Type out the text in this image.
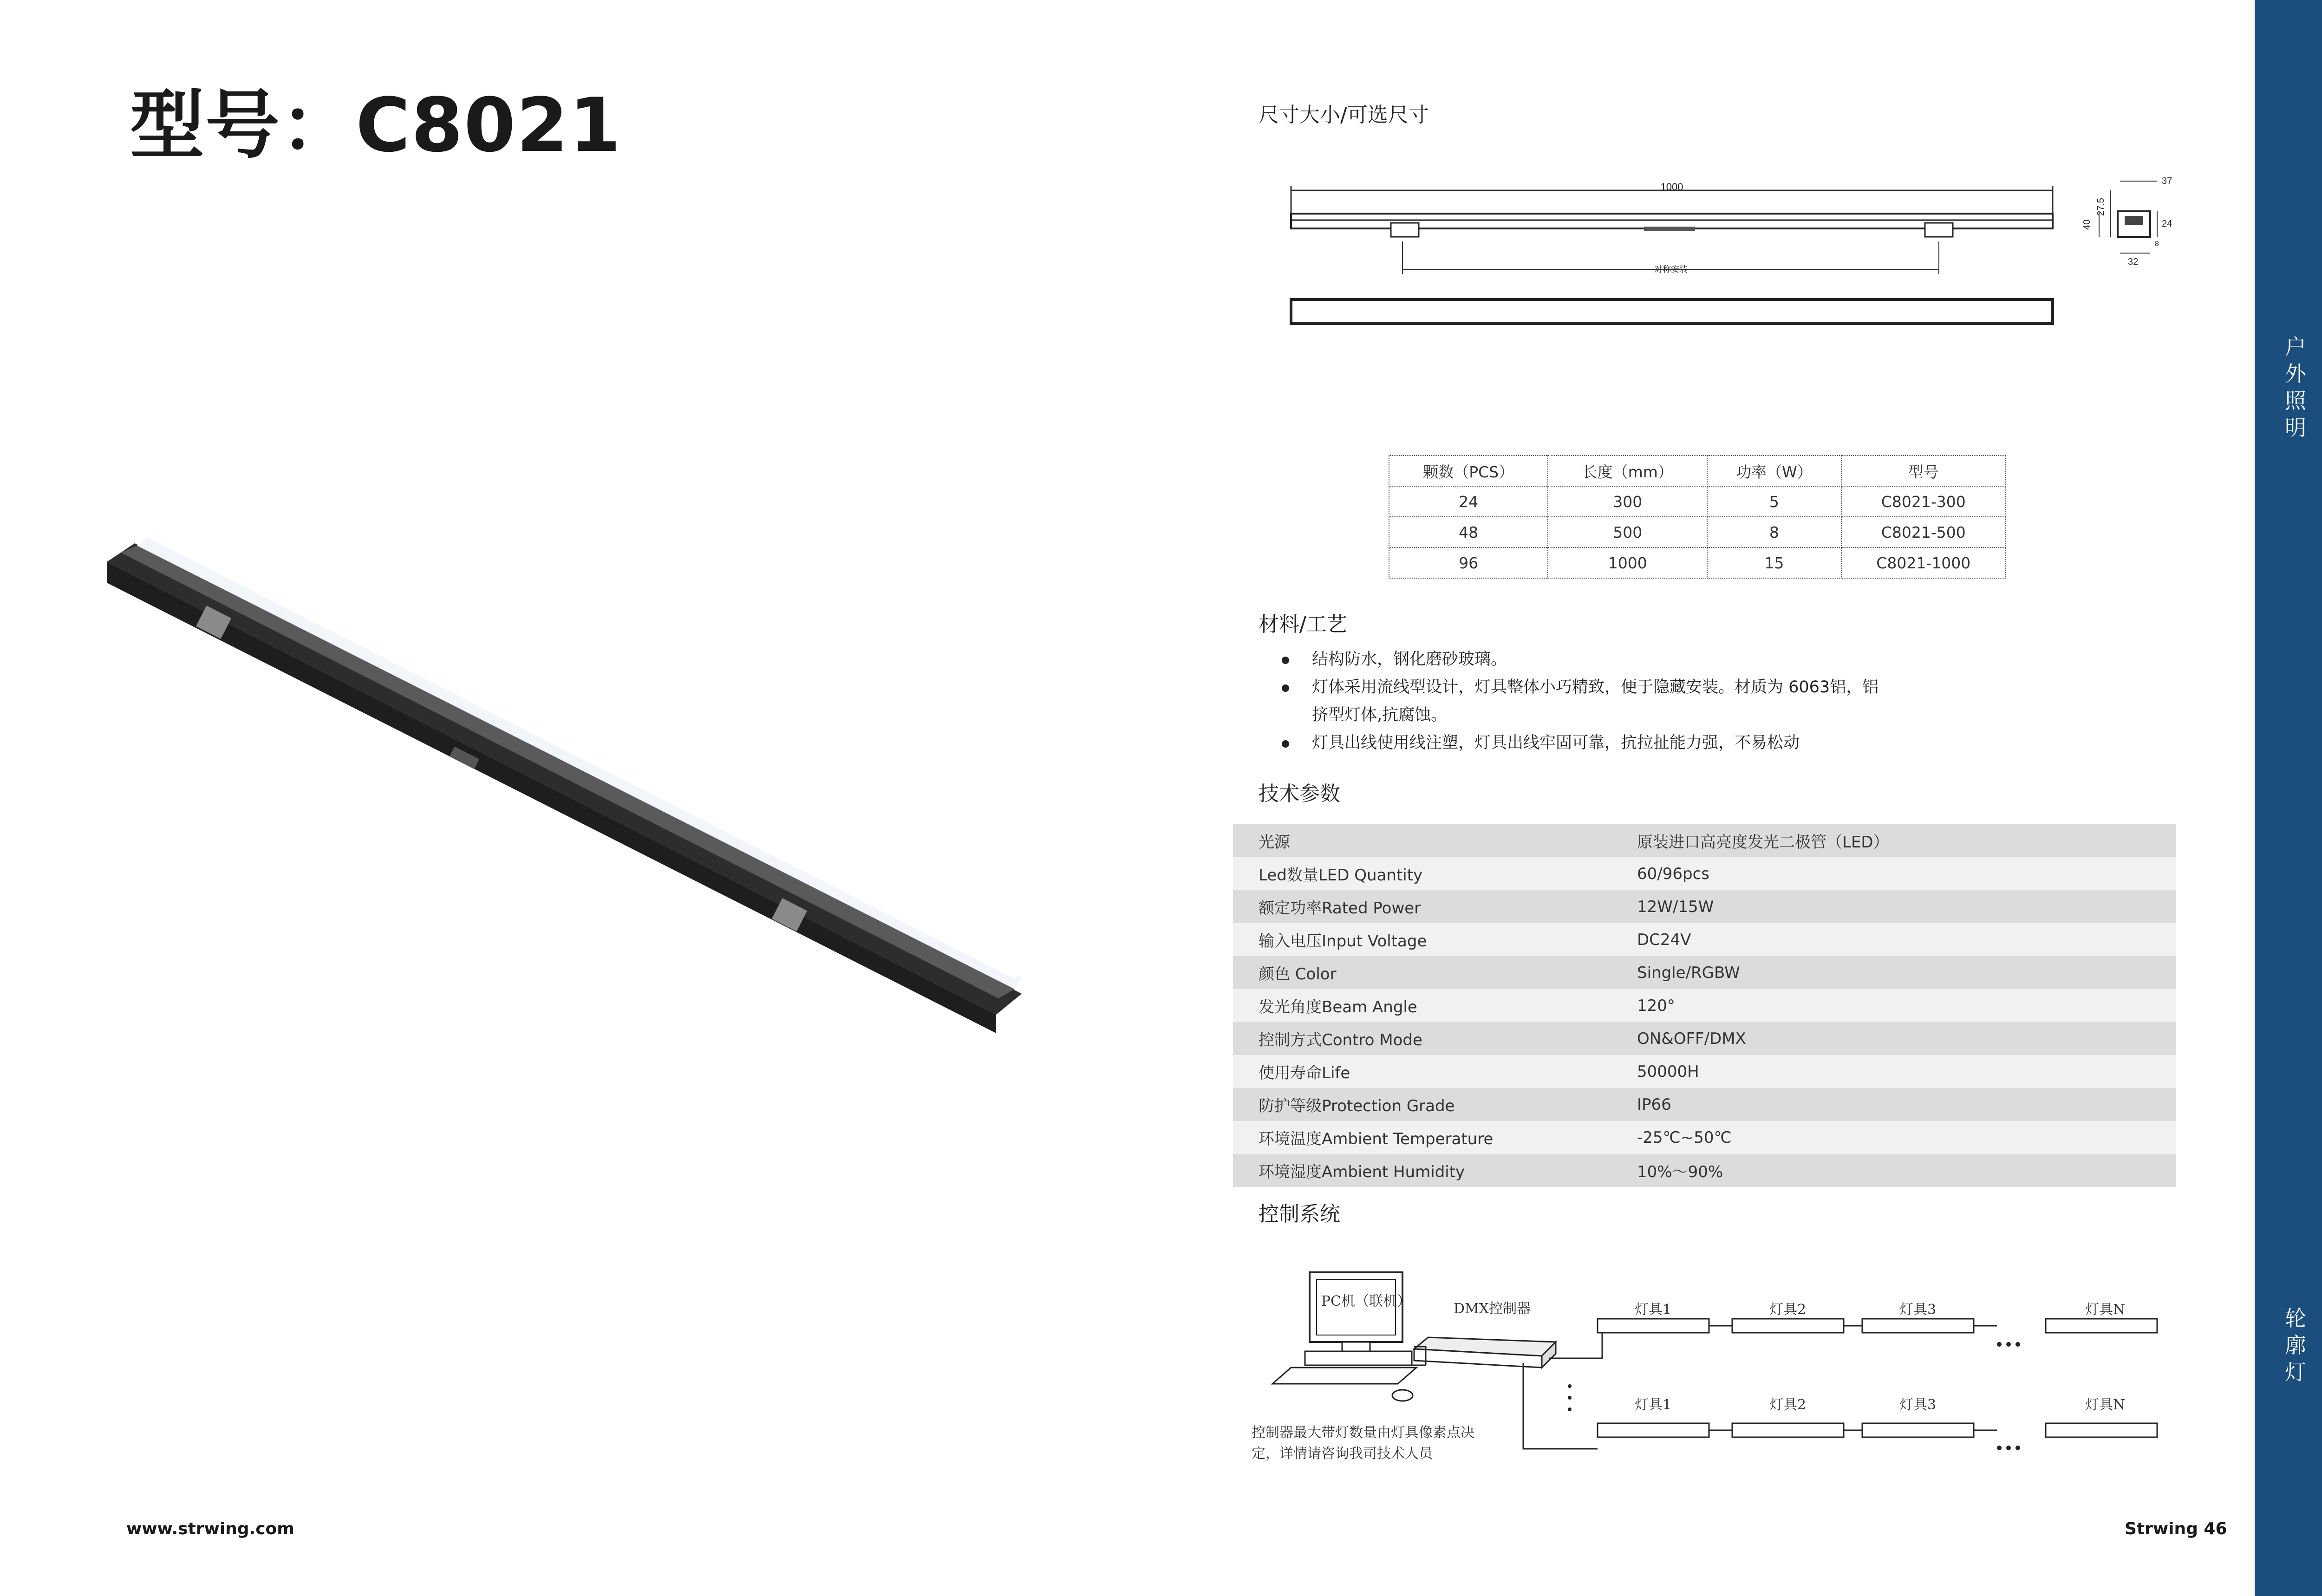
型号：C8021	尺寸大小/可选尺寸
1000
对称安装
37
27.5
40	24
32
8
颗数（PCS）	长度（mm）	功率（W）	型号
24	300	5	C8021-300
48	500	8	C8021-500
96	1000	15	C8021-1000
材料/工艺
结构防水，钢化磨砂玻璃。
灯体采用流线型设计，灯具整体小巧精致，便于隐藏安装。材质为 6063铝，铝挤型灯体,抗腐蚀。
灯具出线使用线注塑，灯具出线牢固可靠，抗拉扯能力强，不易松动
技术参数
光源	原装进口高亮度发光二极管（LED）
Led数量LED Quantity	60/96pcs
额定功率Rated Power	12W/15W
输入电压Input Voltage	DC24V
颜色 Color	Single/RGBW
发光角度Beam Angle	120°
控制方式Contro Mode	ON&OFF/DMX
使用寿命Life	50000H
防护等级Protection Grade	IP66
环境温度Ambient Temperature	-25℃~50℃
环境湿度Ambient Humidity	10%～90%
控制系统
PC机（联机）	DMX控制器	灯具1	灯具2	灯具3	灯具N
灯具1	灯具2	灯具3	灯具N
控制器最大带灯数量由灯具像素点决
定，详情请咨询我司技术人员
www.strwing.com	Strwing 46
户
外
照
明
轮
廓
灯
